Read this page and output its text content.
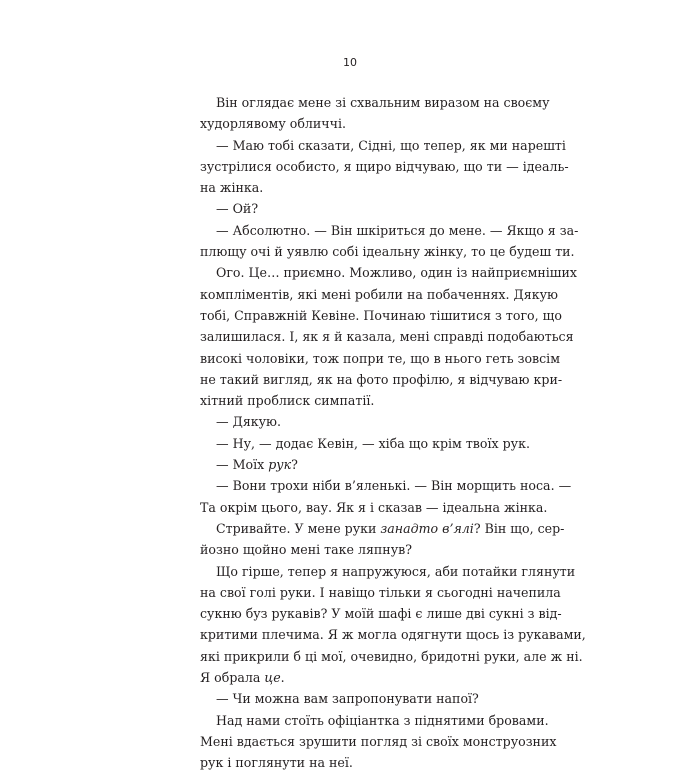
10
Він оглядає мене зі схвальним виразом на своєму
худорлявому обличчі.
— Маю тобі сказати, Сідні, що тепер, як ми нарешті
зустрілися особисто, я щиро відчуваю, що ти — ідеаль-
на жінка.
— Ой?
— Абсолютно. — Він шкіриться до мене. — Якщо я за-
плющу очі й уявлю собі ідеальну жінку, то це будеш ти.
Ого. Це… приємно. Можливо, один із найприємніших
компліментів, які мені робили на побаченнях. Дякую
тобі, Справжній Кевіне. Починаю тішитися з того, що
залишилася. І, як я й казала, мені справді подобаються
високі чоловіки, тож попри те, що в нього геть зовсім
не такий вигляд, як на фото профілю, я відчуваю кри-
хітний проблиск симпатії.
— Дякую.
— Ну, — додає Кевін, — хіба що крім твоїх рук.
— Моїх рук?
— Вони трохи ніби в’яленькі. — Він морщить носа. —
Та окрім цього, вау. Як я і сказав — ідеальна жінка.
Стривайте. У мене руки занадто в’ялі? Він що, сер-
йозно щойно мені таке ляпнув?
Що гірше, тепер я напружуюся, аби потайки глянути
на свої голі руки. І навіщо тільки я сьогодні начепила
сукню буз рукавів? У моїй шафі є лише дві сукні з від-
критими плечима. Я ж могла одягнути щось із рукавами,
які прикрили б ці мої, очевидно, бридотні руки, але ж ні.
Я обрала це.
— Чи можна вам запропонувати напої?
Над нами стоїть офіціантка з піднятими бровами.
Мені вдається зрушити погляд зі своїх монструозних
рук і поглянути на неї.
